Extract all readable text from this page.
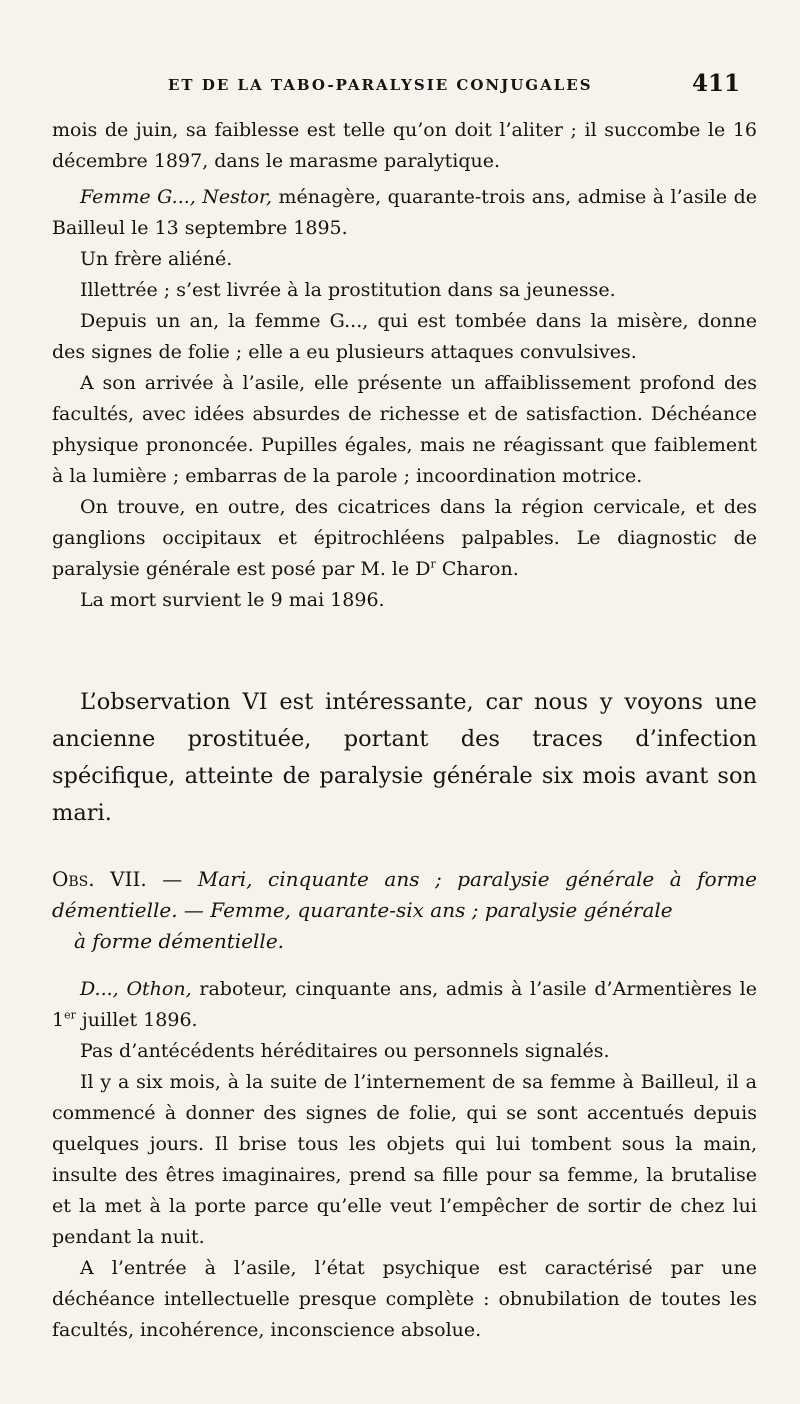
ET DE LA TABO-PARALYSIE CONJUGALES	411

mois de juin, sa faiblesse est telle qu’on doit l’aliter ; il succombe le 16 décembre 1897, dans le marasme paralytique.

Femme G..., Nestor, ménagère, quarante-trois ans, admise à l’asile de Bailleul le 13 septembre 1895.

Un frère aliéné.

Illettrée ; s’est livrée à la prostitution dans sa jeunesse.

Depuis un an, la femme G..., qui est tombée dans la misère, donne des signes de folie ; elle a eu plusieurs attaques convulsives.

A son arrivée à l’asile, elle présente un affaiblissement profond des facultés, avec idées absurdes de richesse et de satisfaction. Déchéance physique prononcée. Pupilles égales, mais ne réagissant que faiblement à la lumière ; embarras de la parole ; incoordination motrice.

On trouve, en outre, des cicatrices dans la région cervicale, et des ganglions occipitaux et épitrochléens palpables. Le diagnostic de paralysie générale est posé par M. le $D^r$ Charon.

La mort survient le 9 mai 1896.

L’observation VI est intéressante, car nous y voyons une ancienne prostituée, portant des traces d’infection spécifique, atteinte de paralysie générale six mois avant son mari.

Obs. VII. — Mari, cinquante ans ; paralysie générale à forme démentielle. — Femme, quarante-six ans ; paralysie générale

à forme démentielle.

D..., Othon, raboteur, cinquante ans, admis à l’asile d’Armentières le 1er juillet 1896.

Pas d’antécédents héréditaires ou personnels signalés.

Il y a six mois, à la suite de l’internement de sa femme à Bailleul, il a commencé à donner des signes de folie, qui se sont accentués depuis quelques jours. Il brise tous les objets qui lui tombent sous la main, insulte des êtres imaginaires, prend sa fille pour sa femme, la brutalise et la met à la porte parce qu’elle veut l’empêcher de sortir de chez lui pendant la nuit.

A l’entrée à l’asile, l’état psychique est caractérisé par une déchéance intellectuelle presque complète : obnubilation de toutes les facultés, incohérence, inconscience absolue.
